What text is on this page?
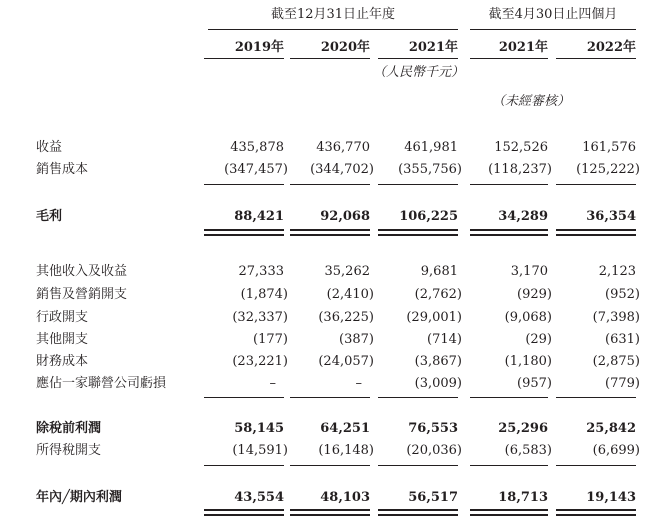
截至12月31日止年度	截至4月30日止四個月
2019年	2020年	2021年	2021年	2022年
（人民幣千元）
（未經審核）
收益	435,878	436,770	461,981	152,526	161,576
銷售成本	(347,457)	(344,702)	(355,756)	(118,237)	(125,222)
毛利	88,421	92,068	106,225	34,289	36,354
其他收入及收益	27,333	35,262	9,681	3,170	2,123
銷售及營銷開支	(1,874)	(2,410)	(2,762)	(929)	(952)
行政開支	(32,337)	(36,225)	(29,001)	(9,068)	(7,398)
其他開支	(177)	(387)	(714)	(29)	(631)
財務成本	(23,221)	(24,057)	(3,867)	(1,180)	(2,875)
應佔一家聯營公司虧損	–	–	(3,009)	(957)	(779)
除稅前利潤	58,145	64,251	76,553	25,296	25,842
所得稅開支	(14,591)	(16,148)	(20,036)	(6,583)	(6,699)
年內╱期內利潤	43,554	48,103	56,517	18,713	19,143
